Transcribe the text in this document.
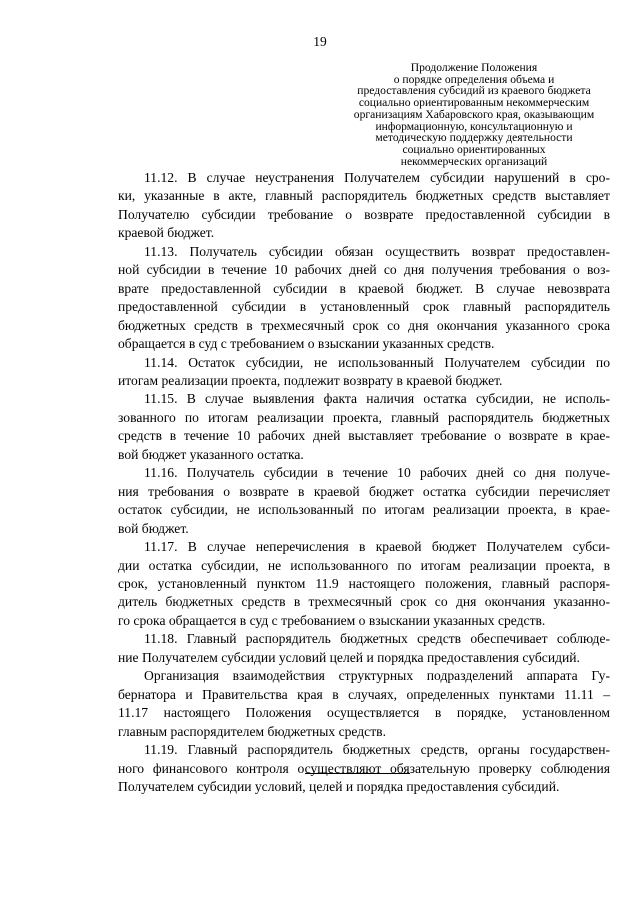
19
Продолжение Положения
о порядке определения объема и
предоставления субсидий из краевого бюджета
социально ориентированным некоммерческим
организациям Хабаровского края, оказывающим
информационную, консультационную и
методическую поддержку деятельности
социально ориентированных
некоммерческих организаций
11.12. В случае неустранения Получателем субсидии нарушений в сро-
ки, указанные в акте, главный распорядитель бюджетных средств выставляет
Получателю субсидии требование о возврате предоставленной субсидии в
краевой бюджет.
11.13. Получатель субсидии обязан осуществить возврат предоставлен-
ной субсидии в течение 10 рабочих дней со дня получения требования о воз-
врате предоставленной субсидии в краевой бюджет. В случае невозврата
предоставленной субсидии в установленный срок главный распорядитель
бюджетных средств в трехмесячный срок со дня окончания указанного срока
обращается в суд с требованием о взыскании указанных средств.
11.14. Остаток субсидии, не использованный Получателем субсидии по
итогам реализации проекта, подлежит возврату в краевой бюджет.
11.15. В случае выявления факта наличия остатка субсидии, не исполь-
зованного по итогам реализации проекта, главный распорядитель бюджетных
средств в течение 10 рабочих дней выставляет требование о возврате в крае-
вой бюджет указанного остатка.
11.16. Получатель субсидии в течение 10 рабочих дней со дня получе-
ния требования о возврате в краевой бюджет остатка субсидии перечисляет
остаток субсидии, не использованный по итогам реализации проекта, в крае-
вой бюджет.
11.17. В случае неперечисления в краевой бюджет Получателем субси-
дии остатка субсидии, не использованного по итогам реализации проекта, в
срок, установленный пунктом 11.9 настоящего положения, главный распоря-
дитель бюджетных средств в трехмесячный срок со дня окончания указанно-
го срока обращается в суд с требованием о взыскании указанных средств.
11.18. Главный распорядитель бюджетных средств обеспечивает соблюде-
ние Получателем субсидии условий целей и порядка предоставления субсидий.
Организация взаимодействия структурных подразделений аппарата Гу-
бернатора и Правительства края в случаях, определенных пунктами 11.11 –
11.17 настоящего Положения осуществляется в порядке, установленном
главным распорядителем бюджетных средств.
11.19. Главный распорядитель бюджетных средств, органы государствен-
ного финансового контроля осуществляют обязательную проверку соблюдения
Получателем субсидии условий, целей и порядка предоставления субсидий.
